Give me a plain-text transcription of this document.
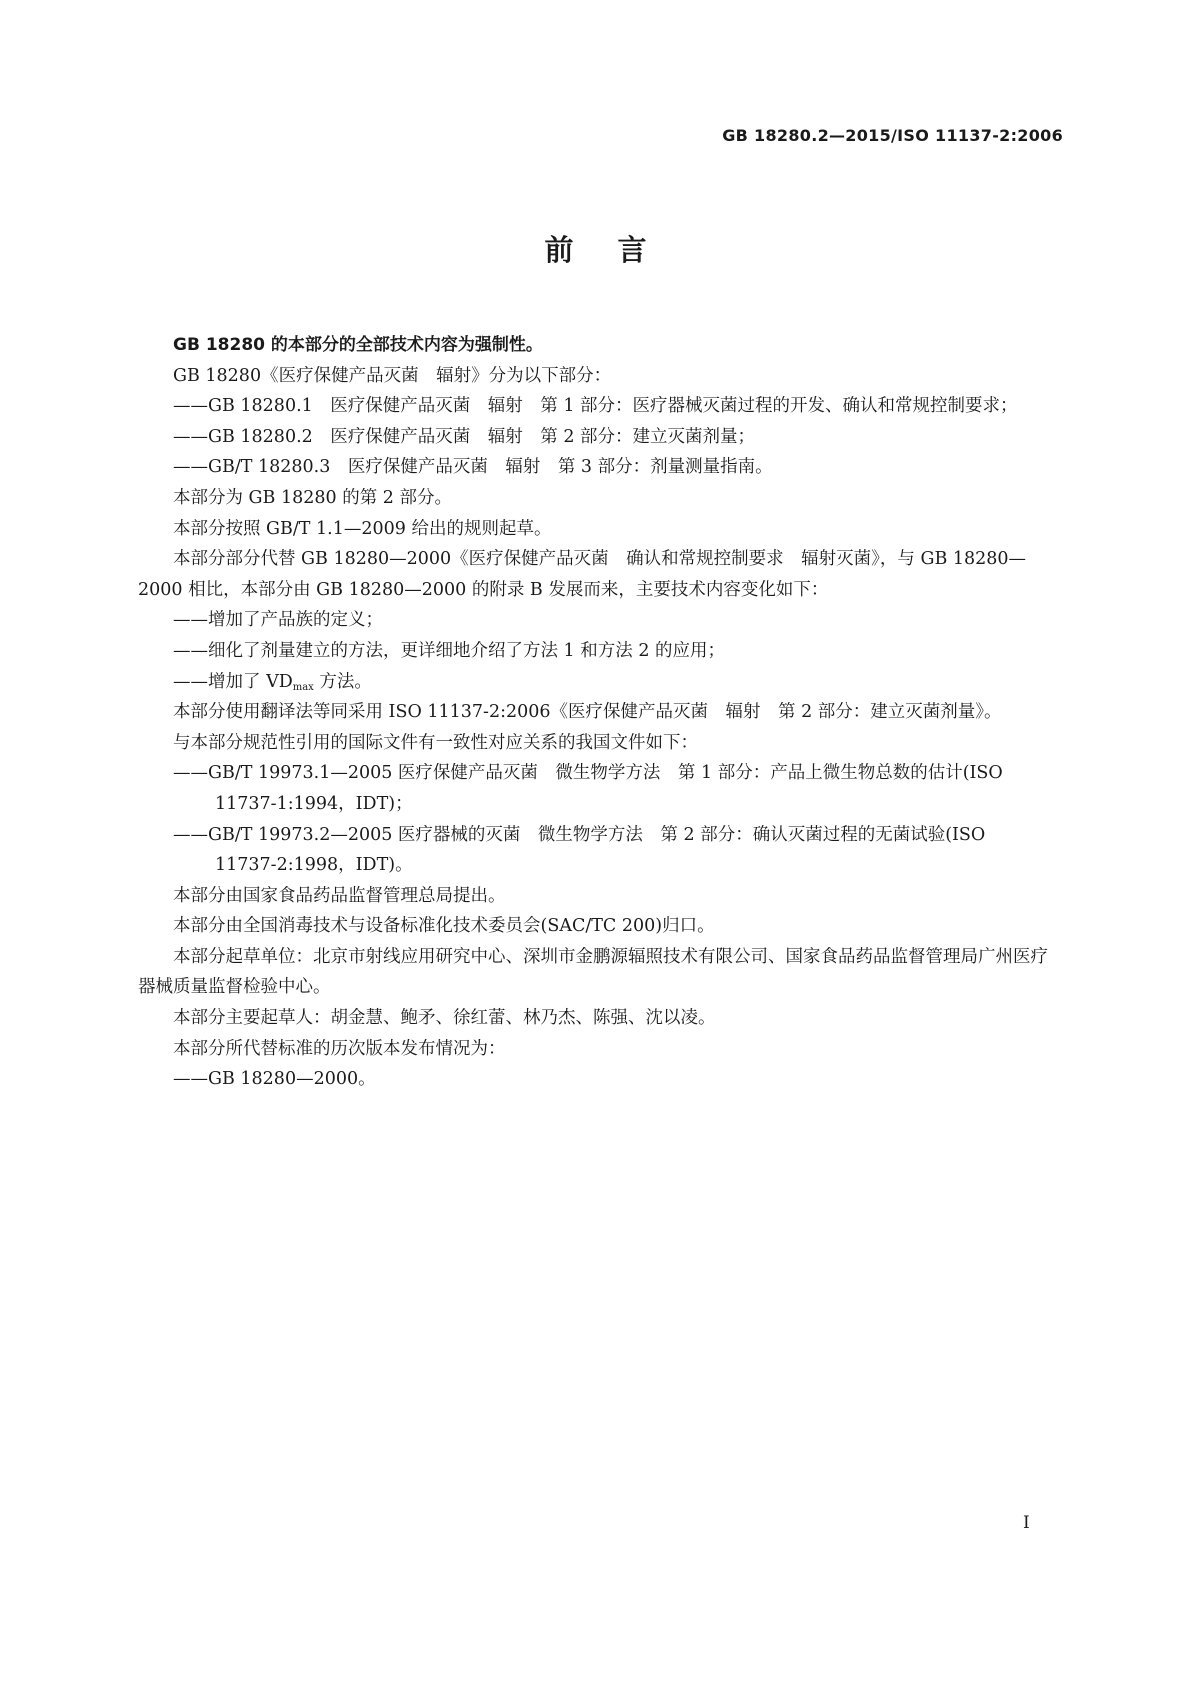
GB 18280.2—2015/ISO 11137-2:2006
前言

GB 18280 的本部分的全部技术内容为强制性。

GB 18280《医疗保健产品灭菌　辐射》分为以下部分：

——GB 18280.1　医疗保健产品灭菌　辐射　第 1 部分：医疗器械灭菌过程的开发、确认和常规控制要求；

——GB 18280.2　医疗保健产品灭菌　辐射　第 2 部分：建立灭菌剂量；

——GB/T 18280.3　医疗保健产品灭菌　辐射　第 3 部分：剂量测量指南。

本部分为 GB 18280 的第 2 部分。

本部分按照 GB/T 1.1—2009 给出的规则起草。

本部分部分代替 GB 18280—2000《医疗保健产品灭菌　确认和常规控制要求　辐射灭菌》，与 GB 18280—2000 相比，本部分由 GB 18280—2000 的附录 B 发展而来，主要技术内容变化如下：

——增加了产品族的定义；

——细化了剂量建立的方法，更详细地介绍了方法 1 和方法 2 的应用；

——增加了 $VD_{max}$ 方法。

本部分使用翻译法等同采用 ISO 11137-2:2006《医疗保健产品灭菌　辐射　第 2 部分：建立灭菌剂量》。

与本部分规范性引用的国际文件有一致性对应关系的我国文件如下：

——GB/T 19973.1—2005 医疗保健产品灭菌　微生物学方法　第 1 部分：产品上微生物总数的估计(ISO 11737-1:1994，IDT)；

——GB/T 19973.2—2005 医疗器械的灭菌　微生物学方法　第 2 部分：确认灭菌过程的无菌试验(ISO 11737-2:1998，IDT)。

本部分由国家食品药品监督管理总局提出。

本部分由全国消毒技术与设备标准化技术委员会(SAC/TC 200)归口。

本部分起草单位：北京市射线应用研究中心、深圳市金鹏源辐照技术有限公司、国家食品药品监督管理局广州医疗器械质量监督检验中心。

本部分主要起草人：胡金慧、鲍矛、徐红蕾、林乃杰、陈强、沈以凌。

本部分所代替标准的历次版本发布情况为：

——GB 18280—2000。

Ⅰ
